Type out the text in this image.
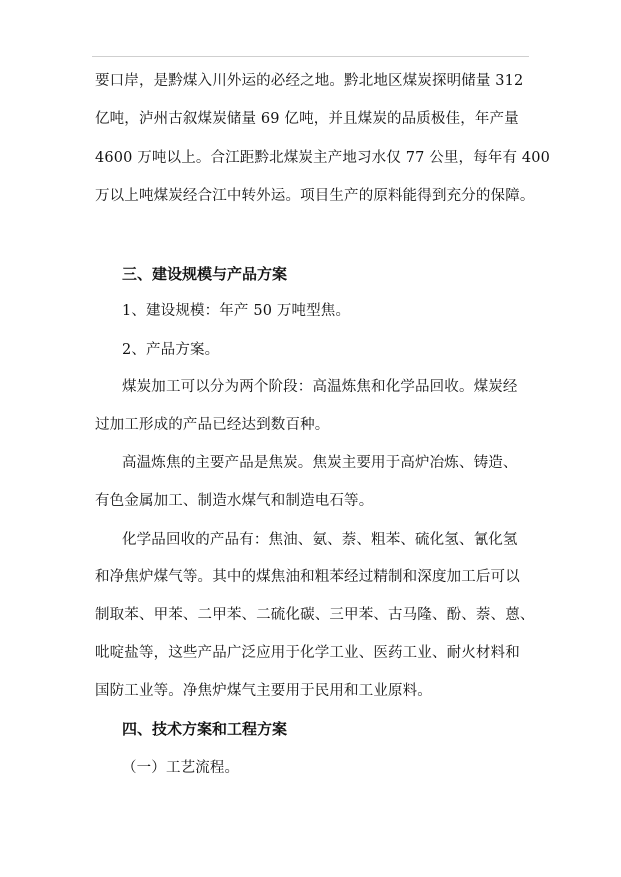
要口岸，是黔煤入川外运的必经之地。黔北地区煤炭探明储量 312
亿吨，泸州古叙煤炭储量 69 亿吨，并且煤炭的品质极佳，年产量
4600 万吨以上。合江距黔北煤炭主产地习水仅 77 公里，每年有 400
万以上吨煤炭经合江中转外运。项目生产的原料能得到充分的保障。
三、建设规模与产品方案
1、建设规模：年产 50 万吨型焦。
2、产品方案。
煤炭加工可以分为两个阶段：高温炼焦和化学品回收。煤炭经
过加工形成的产品已经达到数百种。
高温炼焦的主要产品是焦炭。焦炭主要用于高炉冶炼、铸造、
有色金属加工、制造水煤气和制造电石等。
化学品回收的产品有：焦油、氨、萘、粗苯、硫化氢、氰化氢
和净焦炉煤气等。其中的煤焦油和粗苯经过精制和深度加工后可以
制取苯、甲苯、二甲苯、二硫化碳、三甲苯、古马隆、酚、萘、蒽、
吡啶盐等，这些产品广泛应用于化学工业、医药工业、耐火材料和
国防工业等。净焦炉煤气主要用于民用和工业原料。
四、技术方案和工程方案
（一）工艺流程。
